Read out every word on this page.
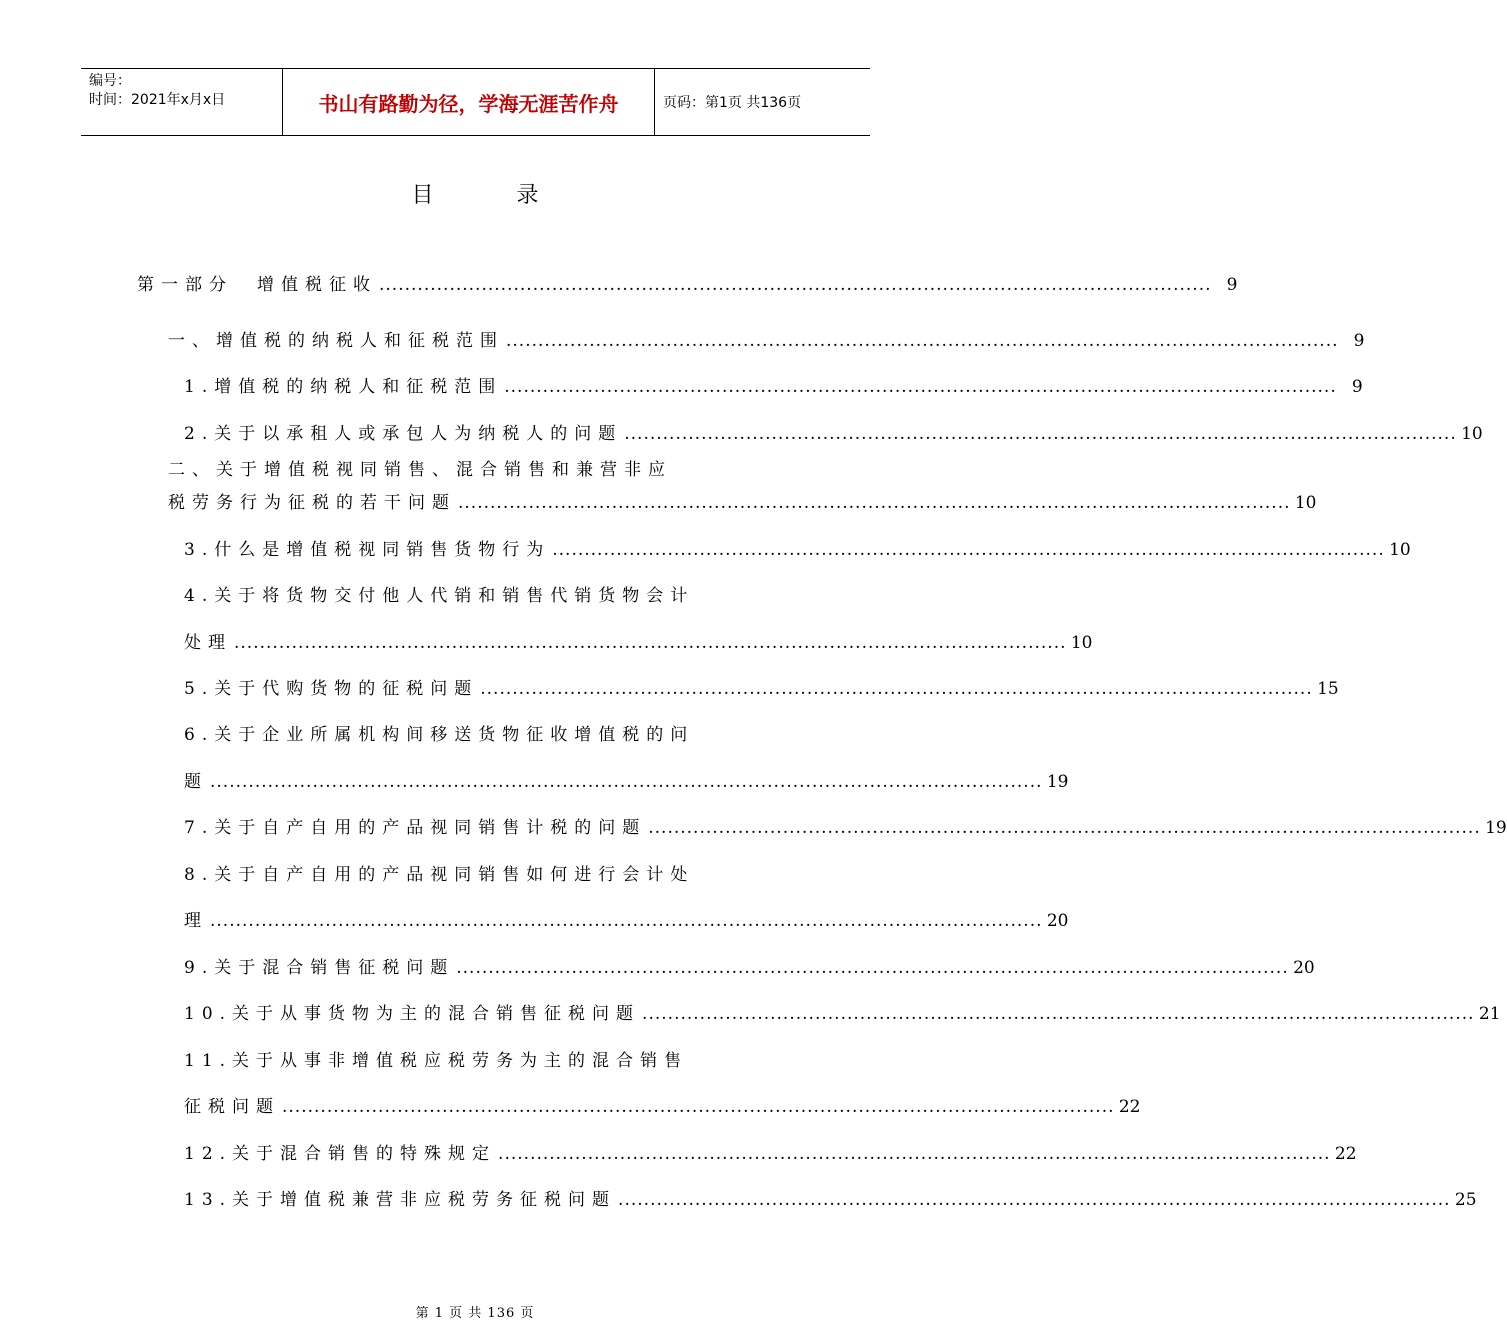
编号：
时间：2021年x月x日	书山有路勤为径，学海无涯苦作舟	页码：第1页 共136页
目 录
第一部分　增值税征收 .................................................................................................................................. 9
一、增值税的纳税人和征税范围 .................................................................................................................................. 9
1.增值税的纳税人和征税范围 .................................................................................................................................. 9
2.关于以承租人或承包人为纳税人的问题 .................................................................................................................................. 10
二、关于增值税视同销售、混合销售和兼营非应
税劳务行为征税的若干问题 .................................................................................................................................. 10
3.什么是增值税视同销售货物行为 .................................................................................................................................. 10
4.关于将货物交付他人代销和销售代销货物会计
处理 .................................................................................................................................. 10
5.关于代购货物的征税问题 .................................................................................................................................. 15
6.关于企业所属机构间移送货物征收增值税的问
题 .................................................................................................................................. 19
7.关于自产自用的产品视同销售计税的问题 .................................................................................................................................. 19
8.关于自产自用的产品视同销售如何进行会计处
理 .................................................................................................................................. 20
9.关于混合销售征税问题 .................................................................................................................................. 20
10.关于从事货物为主的混合销售征税问题 .................................................................................................................................. 21
11.关于从事非增值税应税劳务为主的混合销售
征税问题 .................................................................................................................................. 22
12.关于混合销售的特殊规定 .................................................................................................................................. 22
13.关于增值税兼营非应税劳务征税问题 .................................................................................................................................. 25
第 1 页 共 136 页
